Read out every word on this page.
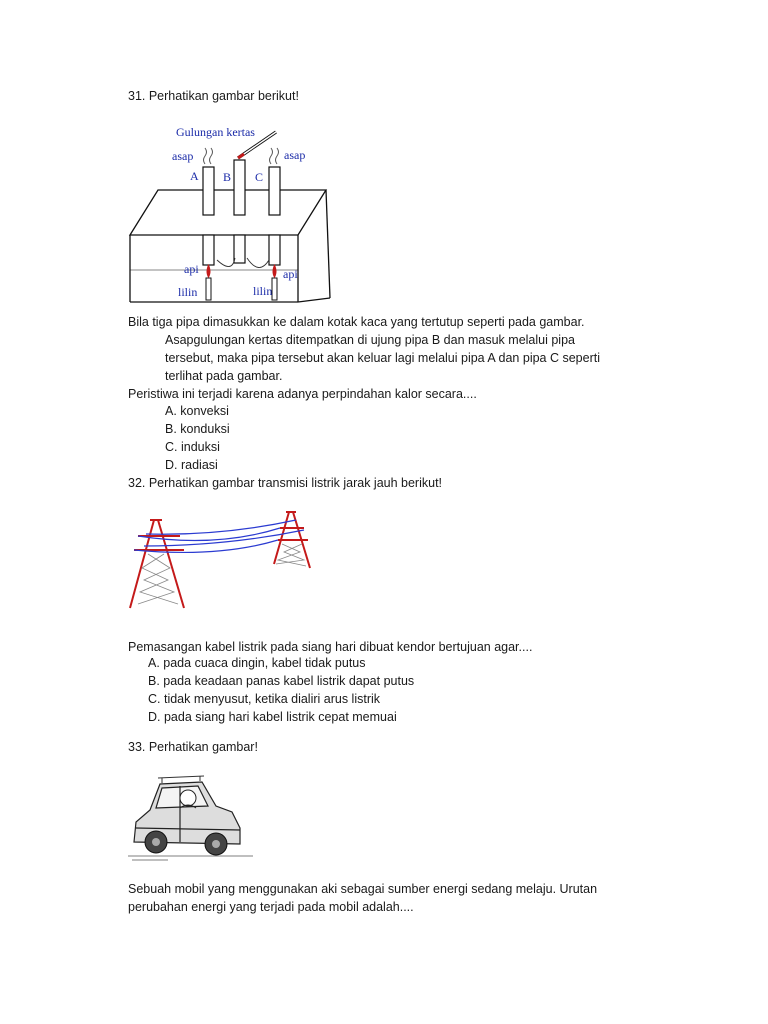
31. Perhatikan gambar berikut!
Gulungan kertas
asap	asap
A B C
api	api
lilin	lilin
Bila tiga pipa dimasukkan ke dalam kotak kaca yang tertutup seperti pada gambar.
Asapgulungan kertas ditempatkan di ujung pipa B dan masuk melalui pipa
tersebut, maka pipa tersebut akan keluar lagi melalui pipa A dan pipa C seperti
terlihat pada gambar.
Peristiwa ini terjadi karena adanya perpindahan kalor secara....
A. konveksi
B. konduksi
C. induksi
D. radiasi
32. Perhatikan gambar transmisi listrik jarak jauh berikut!
Pemasangan kabel listrik pada siang hari dibuat kendor bertujuan agar....
A. pada cuaca dingin, kabel tidak putus
B. pada keadaan panas kabel listrik dapat putus
C. tidak menyusut, ketika dialiri arus listrik
D. pada siang hari kabel listrik cepat memuai
33. Perhatikan gambar!
Sebuah mobil yang menggunakan aki sebagai sumber energi sedang melaju. Urutan
perubahan energi yang terjadi pada mobil adalah....
